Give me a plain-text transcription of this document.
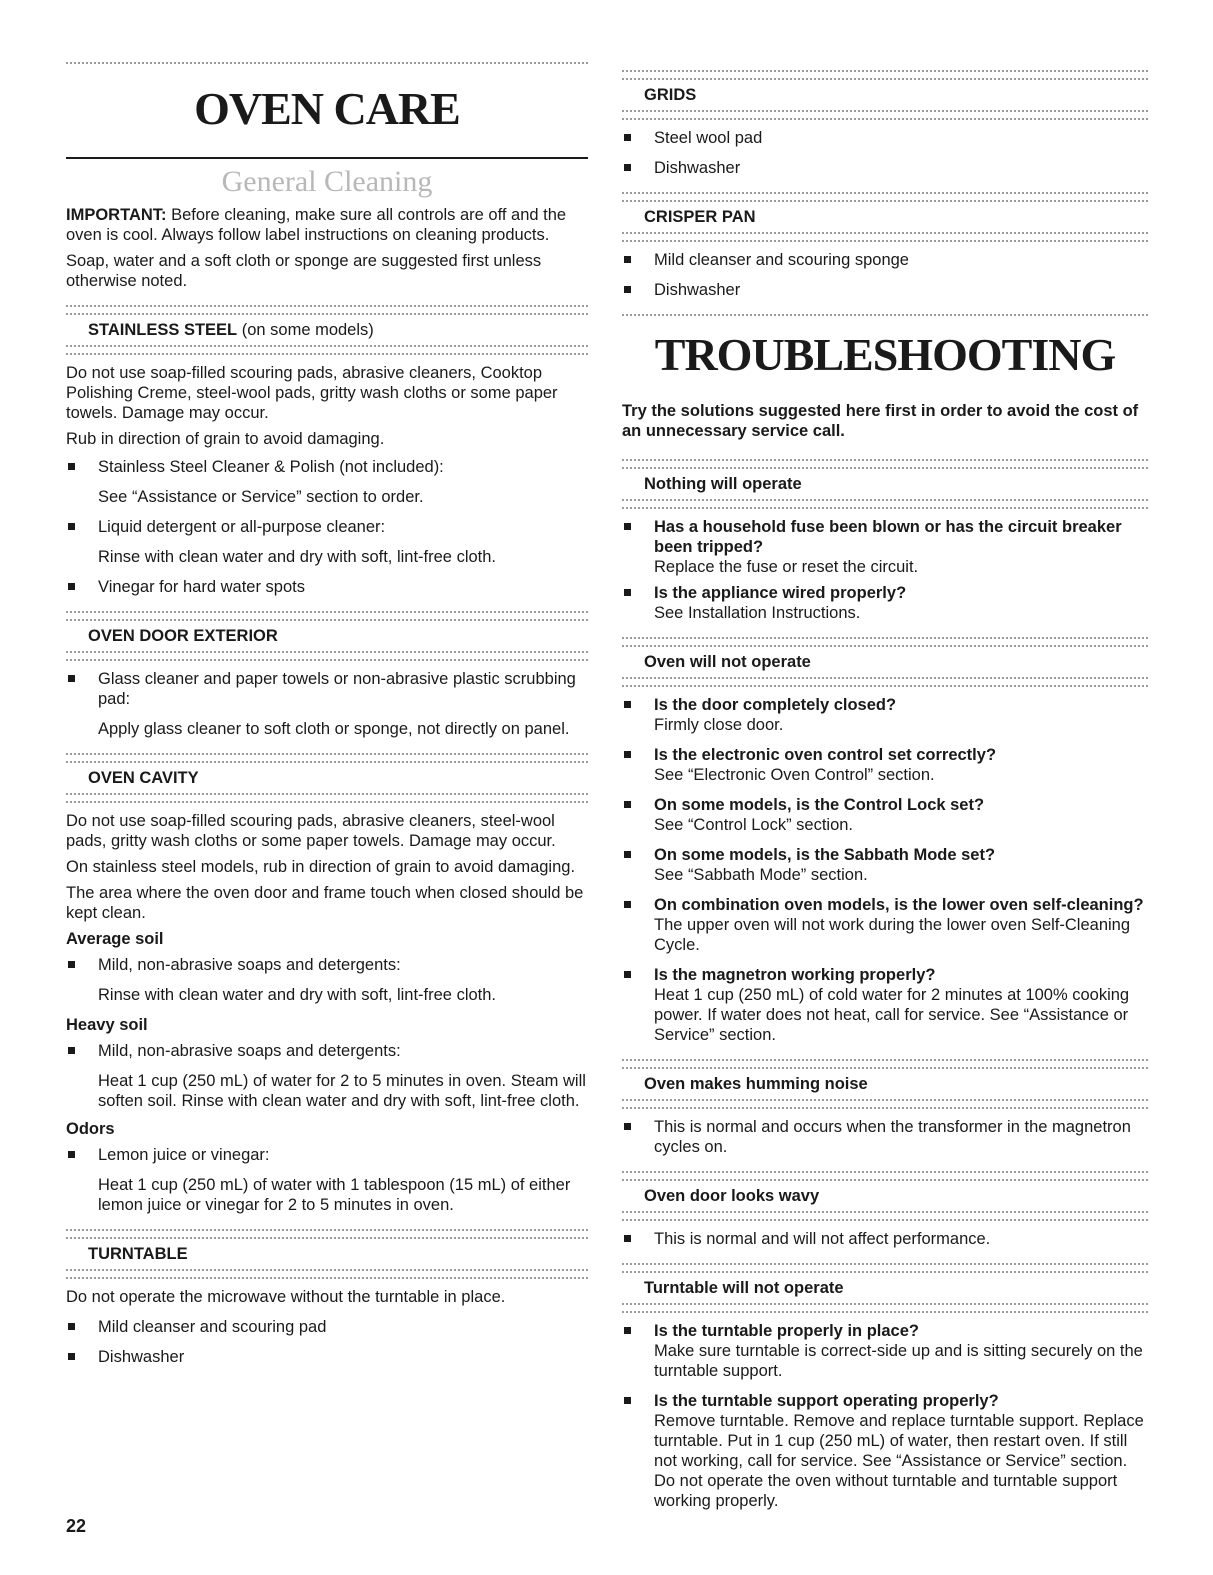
OVEN CARE
General Cleaning

IMPORTANT: Before cleaning, make sure all controls are off and the oven is cool. Always follow label instructions on cleaning products.

Soap, water and a soft cloth or sponge are suggested first unless otherwise noted.

STAINLESS STEEL (on some models)

Do not use soap-filled scouring pads, abrasive cleaners, Cooktop Polishing Creme, steel-wool pads, gritty wash cloths or some paper towels. Damage may occur.

Rub in direction of grain to avoid damaging.

Stainless Steel Cleaner & Polish (not included):
See “Assistance or Service” section to order.
Liquid detergent or all-purpose cleaner:
Rinse with clean water and dry with soft, lint-free cloth.
Vinegar for hard water spots
OVEN DOOR EXTERIOR
Glass cleaner and paper towels or non-abrasive plastic scrubbing pad:
Apply glass cleaner to soft cloth or sponge, not directly on panel.
OVEN CAVITY

Do not use soap-filled scouring pads, abrasive cleaners, steel-wool pads, gritty wash cloths or some paper towels. Damage may occur.

On stainless steel models, rub in direction of grain to avoid damaging.

The area where the oven door and frame touch when closed should be kept clean.

Average soil
Mild, non-abrasive soaps and detergents:
Rinse with clean water and dry with soft, lint-free cloth.
Heavy soil
Mild, non-abrasive soaps and detergents:
Heat 1 cup (250 mL) of water for 2 to 5 minutes in oven. Steam will soften soil. Rinse with clean water and dry with soft, lint-free cloth.
Odors
Lemon juice or vinegar:
Heat 1 cup (250 mL) of water with 1 tablespoon (15 mL) of either lemon juice or vinegar for 2 to 5 minutes in oven.
TURNTABLE

Do not operate the microwave without the turntable in place.

Mild cleanser and scouring pad
Dishwasher
GRIDS
Steel wool pad
Dishwasher
CRISPER PAN
Mild cleanser and scouring sponge
Dishwasher
TROUBLESHOOTING

Try the solutions suggested here first in order to avoid the cost of an unnecessary service call.

Nothing will operate
Has a household fuse been blown or has the circuit breaker been tripped?
Replace the fuse or reset the circuit.
Is the appliance wired properly?
See Installation Instructions.
Oven will not operate
Is the door completely closed?
Firmly close door.
Is the electronic oven control set correctly?
See “Electronic Oven Control” section.
On some models, is the Control Lock set?
See “Control Lock” section.
On some models, is the Sabbath Mode set?
See “Sabbath Mode” section.
On combination oven models, is the lower oven self-cleaning?
The upper oven will not work during the lower oven Self-Cleaning Cycle.
Is the magnetron working properly?
Heat 1 cup (250 mL) of cold water for 2 minutes at 100% cooking power. If water does not heat, call for service. See “Assistance or Service” section.
Oven makes humming noise
This is normal and occurs when the transformer in the magnetron cycles on.
Oven door looks wavy
This is normal and will not affect performance.
Turntable will not operate
Is the turntable properly in place?
Make sure turntable is correct-side up and is sitting securely on the turntable support.
Is the turntable support operating properly?
Remove turntable. Remove and replace turntable support. Replace turntable. Put in 1 cup (250 mL) of water, then restart oven. If still not working, call for service. See “Assistance or Service” section. Do not operate the oven without turntable and turntable support working properly.
22
